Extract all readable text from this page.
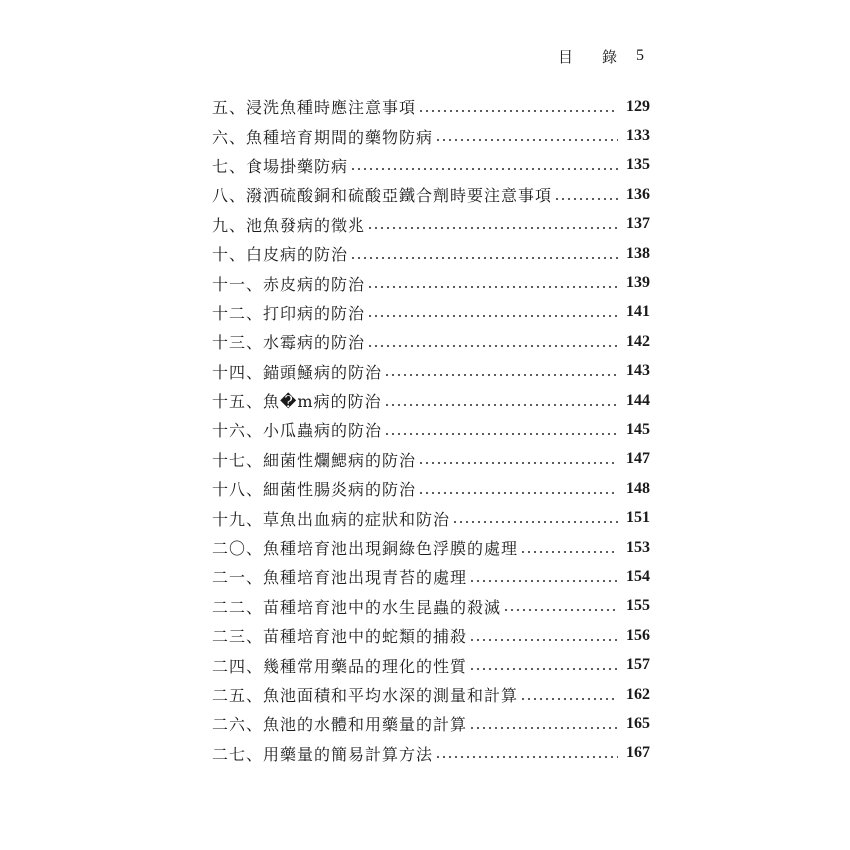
目 錄 5
五、 浸洗魚種時應注意事項	129
六、 魚種培育期間的藥物防病	133
七、 食場掛藥防病	135
八、 潑洒硫酸銅和硫酸亞鐵合劑時要注意事項	136
九、 池魚發病的徵兆	137
十、 白皮病的防治	138
十一、 赤皮病的防治	139
十二、 打印病的防治	141
十三、 水霉病的防治	142
十四、 錨頭鰠病的防治	143
十五、 魚�m病的防治	144
十六、 小瓜蟲病的防治	145
十七、 細菌性爛鰓病的防治	147
十八、 細菌性腸炎病的防治	148
十九、 草魚出血病的症狀和防治	151
二〇、 魚種培育池出現銅綠色浮膜的處理	153
二一、 魚種培育池出現青苔的處理	154
二二、 苗種培育池中的水生昆蟲的殺滅	155
二三、 苗種培育池中的蛇類的捕殺	156
二四、 幾種常用藥品的理化的性質	157
二五、 魚池面積和平均水深的測量和計算	162
二六、 魚池的水體和用藥量的計算	165
二七、 用藥量的簡易計算方法	167
